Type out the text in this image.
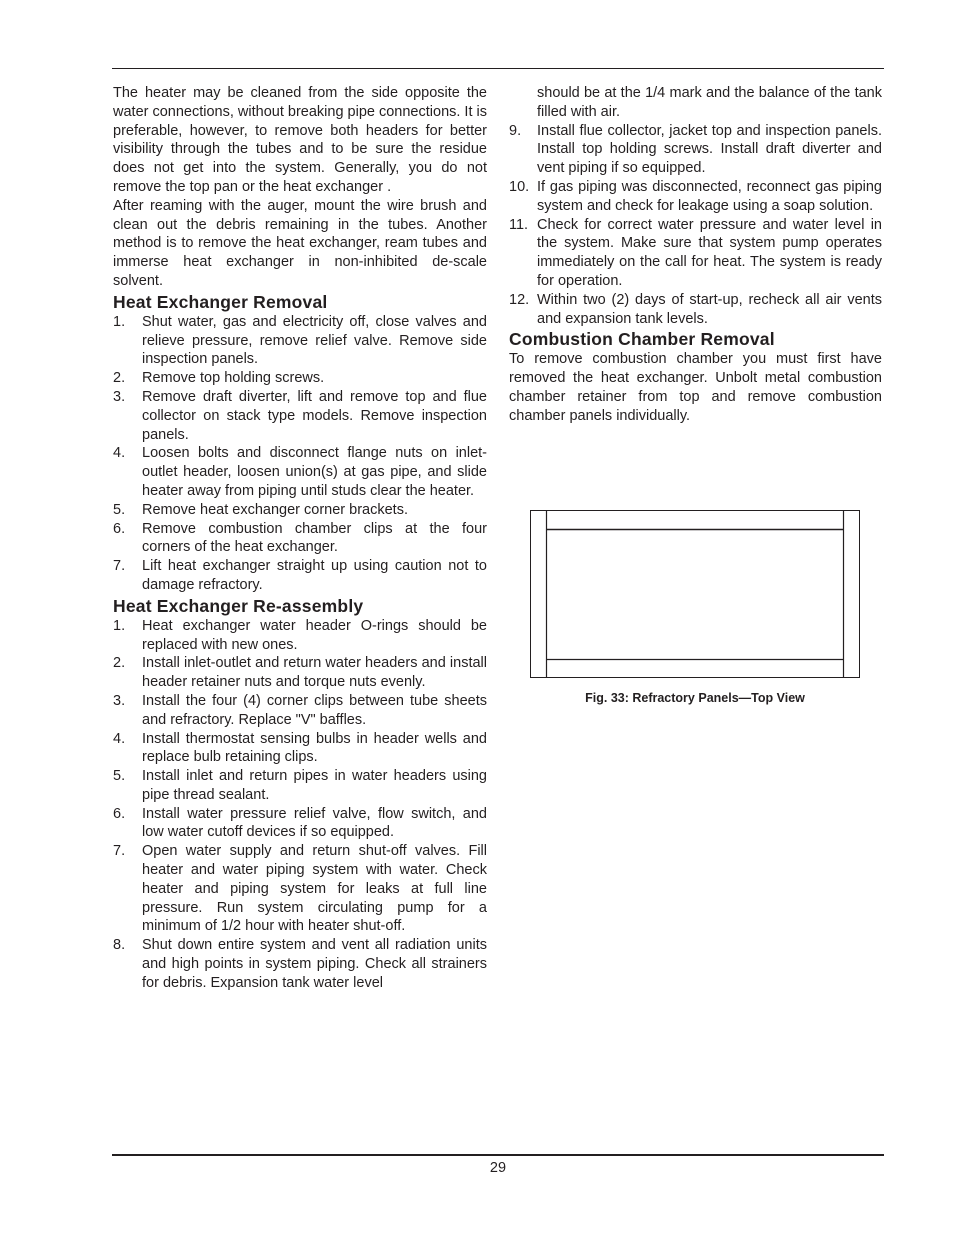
The heater may be cleaned from the side opposite the water connections, without breaking pipe connections. It is preferable, however, to remove both headers for better visibility through the tubes and to be sure the residue does not get into the system. Generally, you do not remove the top pan or the heat exchanger .

After reaming with the auger, mount the wire brush and clean out the debris remaining in the tubes. Another method is to remove the heat exchanger, ream tubes and immerse heat exchanger in non-inhibited de-scale solvent.

Heat Exchanger Removal
1. Shut water, gas and electricity off, close valves and relieve pressure, remove relief valve. Remove side inspection panels.
2. Remove top holding screws.
3. Remove draft diverter, lift and remove top and flue collector on stack type models. Remove inspection panels.
4. Loosen bolts and disconnect flange nuts on inlet-outlet header, loosen union(s) at gas pipe, and slide heater away from piping until studs clear the heater.
5. Remove heat exchanger corner brackets.
6. Remove combustion chamber clips at the four corners of the heat exchanger.
7. Lift heat exchanger straight up using caution not to damage refractory.
Heat Exchanger Re-assembly
1. Heat exchanger water header O-rings should be replaced with new ones.
2. Install inlet-outlet and return water headers and install header retainer nuts and torque nuts evenly.
3. Install the four (4) corner clips between tube sheets and refractory. Replace "V" baffles.
4. Install thermostat sensing bulbs in header wells and replace bulb retaining clips.
5. Install inlet and return pipes in water headers using pipe thread sealant.
6. Install water pressure relief valve, flow switch, and low water cutoff devices if so equipped.
7. Open water supply and return shut-off valves. Fill heater and water piping system with water. Check heater and piping system for leaks at full line pressure. Run system circulating pump for a minimum of 1/2 hour with heater shut-off.
8. Shut down entire system and vent all radiation units and high points in system piping. Check all strainers for debris. Expansion tank water level
should be at the 1/4 mark and the balance of the tank filled with air.
9. Install flue collector, jacket top and inspection panels. Install top holding screws. Install draft diverter and vent piping if so equipped.
10. If gas piping was disconnected, reconnect gas piping system and check for leakage using a soap solution.
11. Check for correct water pressure and water level in the system. Make sure that system pump operates immediately on the call for heat. The system is ready for operation.
12. Within two (2) days of start-up, recheck all air vents and expansion tank levels.
Combustion Chamber Removal

To remove combustion chamber you must first have removed the heat exchanger. Unbolt metal combustion chamber retainer from top and remove combustion chamber panels individually.

Fig. 33: Refractory Panels—Top View
29
